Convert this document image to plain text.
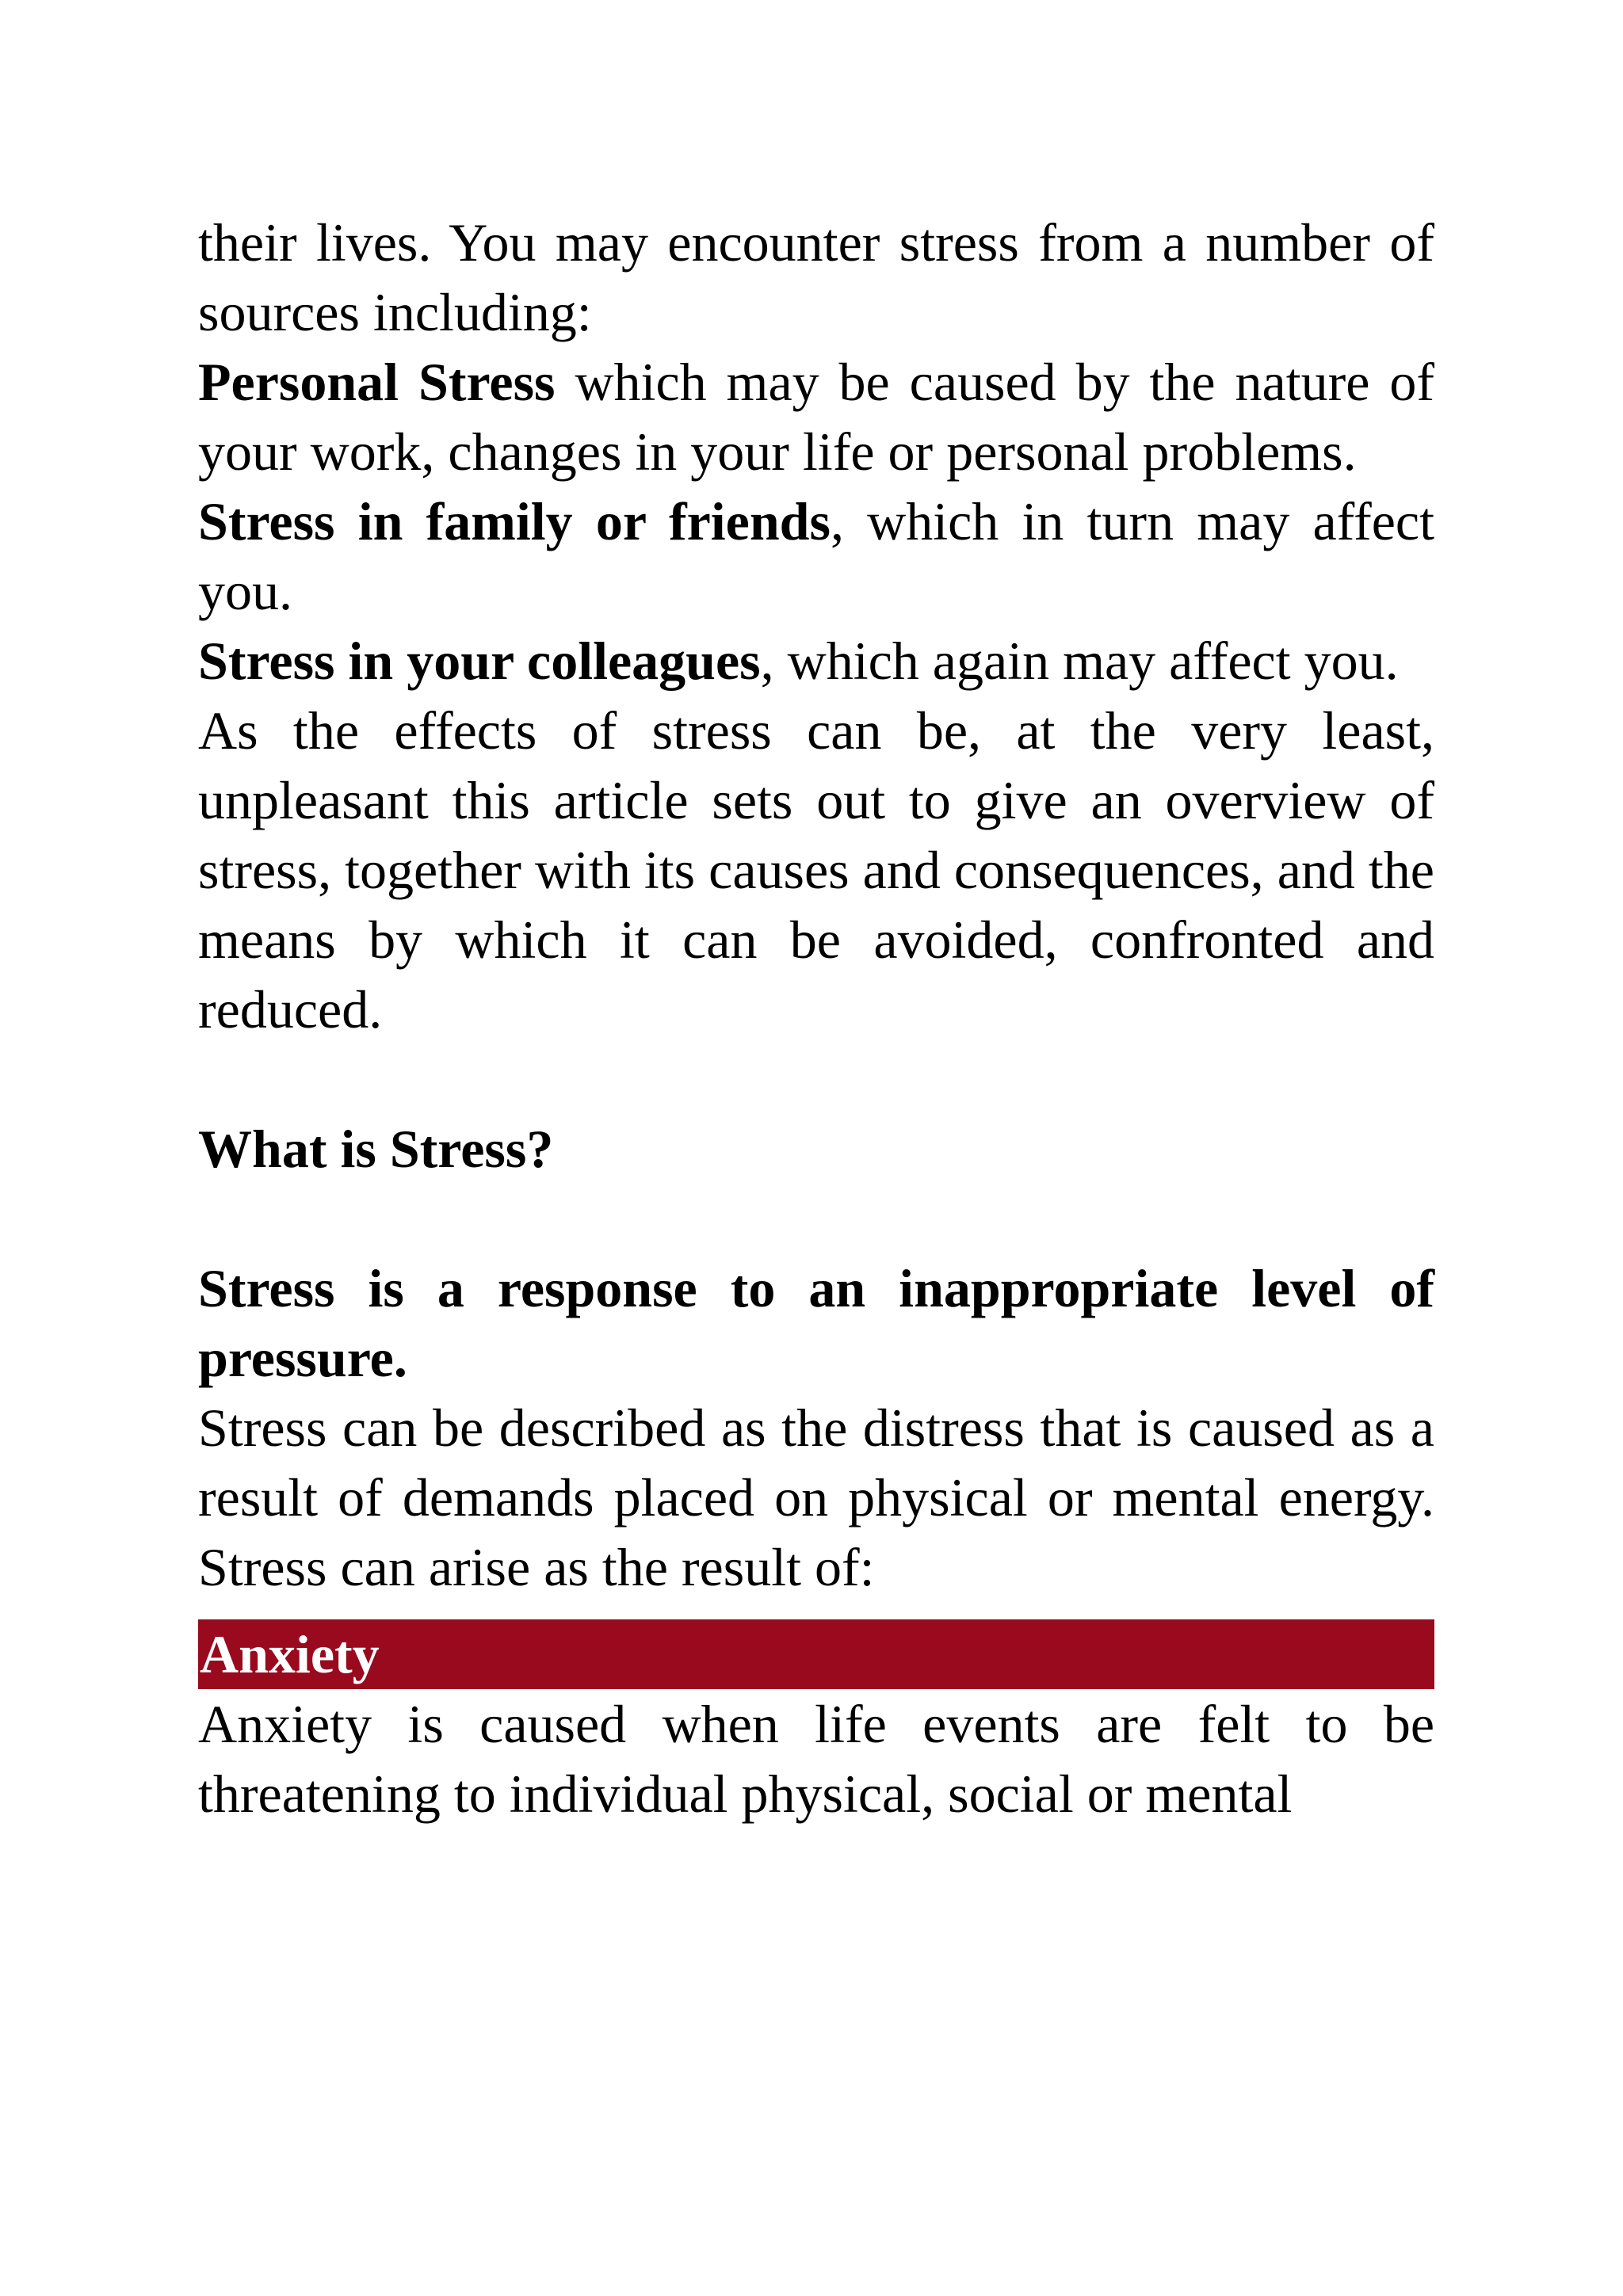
their lives. You may encounter stress from a number of sources including:

Personal Stress which may be caused by the nature of your work, changes in your life or personal problems.

Stress in family or friends, which in turn may affect you.

Stress in your colleagues, which again may affect you.

As the effects of stress can be, at the very least, unpleasant this article sets out to give an overview of stress, together with its causes and consequences, and the means by which it can be avoided, confronted and reduced.

What is Stress?

Stress is a response to an inappropriate level of pressure.

Stress can be described as the distress that is caused as a result of demands placed on physical or mental energy. Stress can arise as the result of:

Anxiety

Anxiety is caused when life events are felt to be threatening to individual physical, social or mental
